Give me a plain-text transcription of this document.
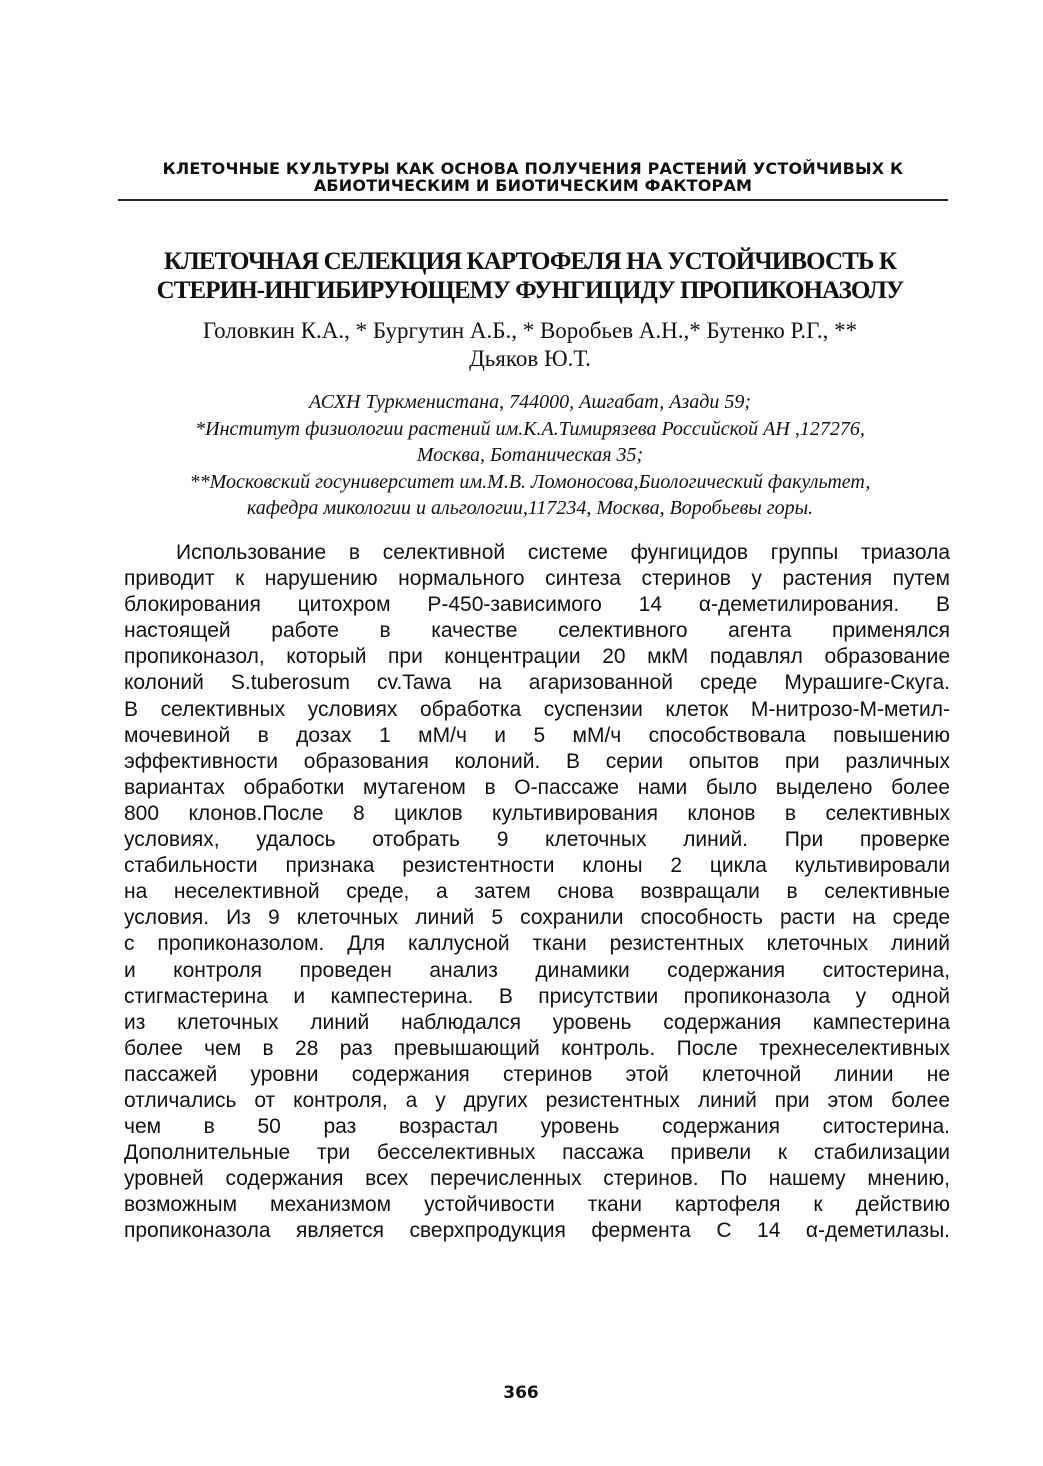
КЛЕТОЧНЫЕ КУЛЬТУРЫ КАК ОСНОВА ПОЛУЧЕНИЯ РАСТЕНИЙ УСТОЙЧИВЫХ К
АБИОТИЧЕСКИМ И БИОТИЧЕСКИМ ФАКТОРАМ
КЛЕТОЧНАЯ СЕЛЕКЦИЯ КАРТОФЕЛЯ НА УСТОЙЧИВОСТЬ К
СТЕРИН-ИНГИБИРУЮЩЕМУ ФУНГИЦИДУ ПРОПИКОНАЗОЛУ
Головкин К.А., * Бургутин А.Б., * Воробьев А.Н.,* Бутенко Р.Г., **
Дьяков Ю.Т.
АСХН Туркменистана, 744000, Ашгабат, Азади 59;
*Институт физиологии растений им.К.А.Тимирязева Российской АН ,127276,
Москва, Ботаническая 35;
**Московский госуниверситет им.М.В. Ломоносова,Биологический факультет,
кафедра микологии и альгологии,117234, Москва, Воробьевы горы.
Использование в селективной системе фунгицидов группы триазола
приводит к нарушению нормального синтеза стеринов у растения путем
блокирования цитохром Р-450-зависимого 14 α-деметилирования. В
настоящей работе в качестве селективного агента применялся
пропиконазол, который при концентрации 20 мкМ подавлял образование
колоний S.tuberosum cv.Tawa на агаризованной среде Мурашиге-Скуга.
В селективных условиях обработка суспензии клеток М-нитрозо-М-метил-
мочевиной в дозах 1 мМ/ч и 5 мМ/ч способствовала повышению
эффективности образования колоний. В серии опытов при различных
вариантах обработки мутагеном в О-пассаже нами было выделено более
800 клонов.После 8 циклов культивирования клонов в селективных
условиях, удалось отобрать 9 клеточных линий. При проверке
стабильности признака резистентности клоны 2 цикла культивировали
на неселективной среде, а затем снова возвращали в селективные
условия. Из 9 клеточных линий 5 сохранили способность расти на среде
с пропиконазолом. Для каллусной ткани резистентных клеточных линий
и контроля проведен анализ динамики содержания ситостерина,
стигмастерина и кампестерина. В присутствии пропиконазола у одной
из клеточных линий наблюдался уровень содержания кампестерина
более чем в 28 раз превышающий контроль. После трехнеселективных
пассажей уровни содержания стеринов этой клеточной линии не
отличались от контроля, а у других резистентных линий при этом более
чем в 50 раз возрастал уровень содержания ситостерина.
Дополнительные три бесселективных пассажа привели к стабилизации
уровней содержания всех перечисленных стеринов. По нашему мнению,
возможным механизмом устойчивости ткани картофеля к действию
пропиконазола является сверхпродукция фермента С 14 α-деметилазы.
366
